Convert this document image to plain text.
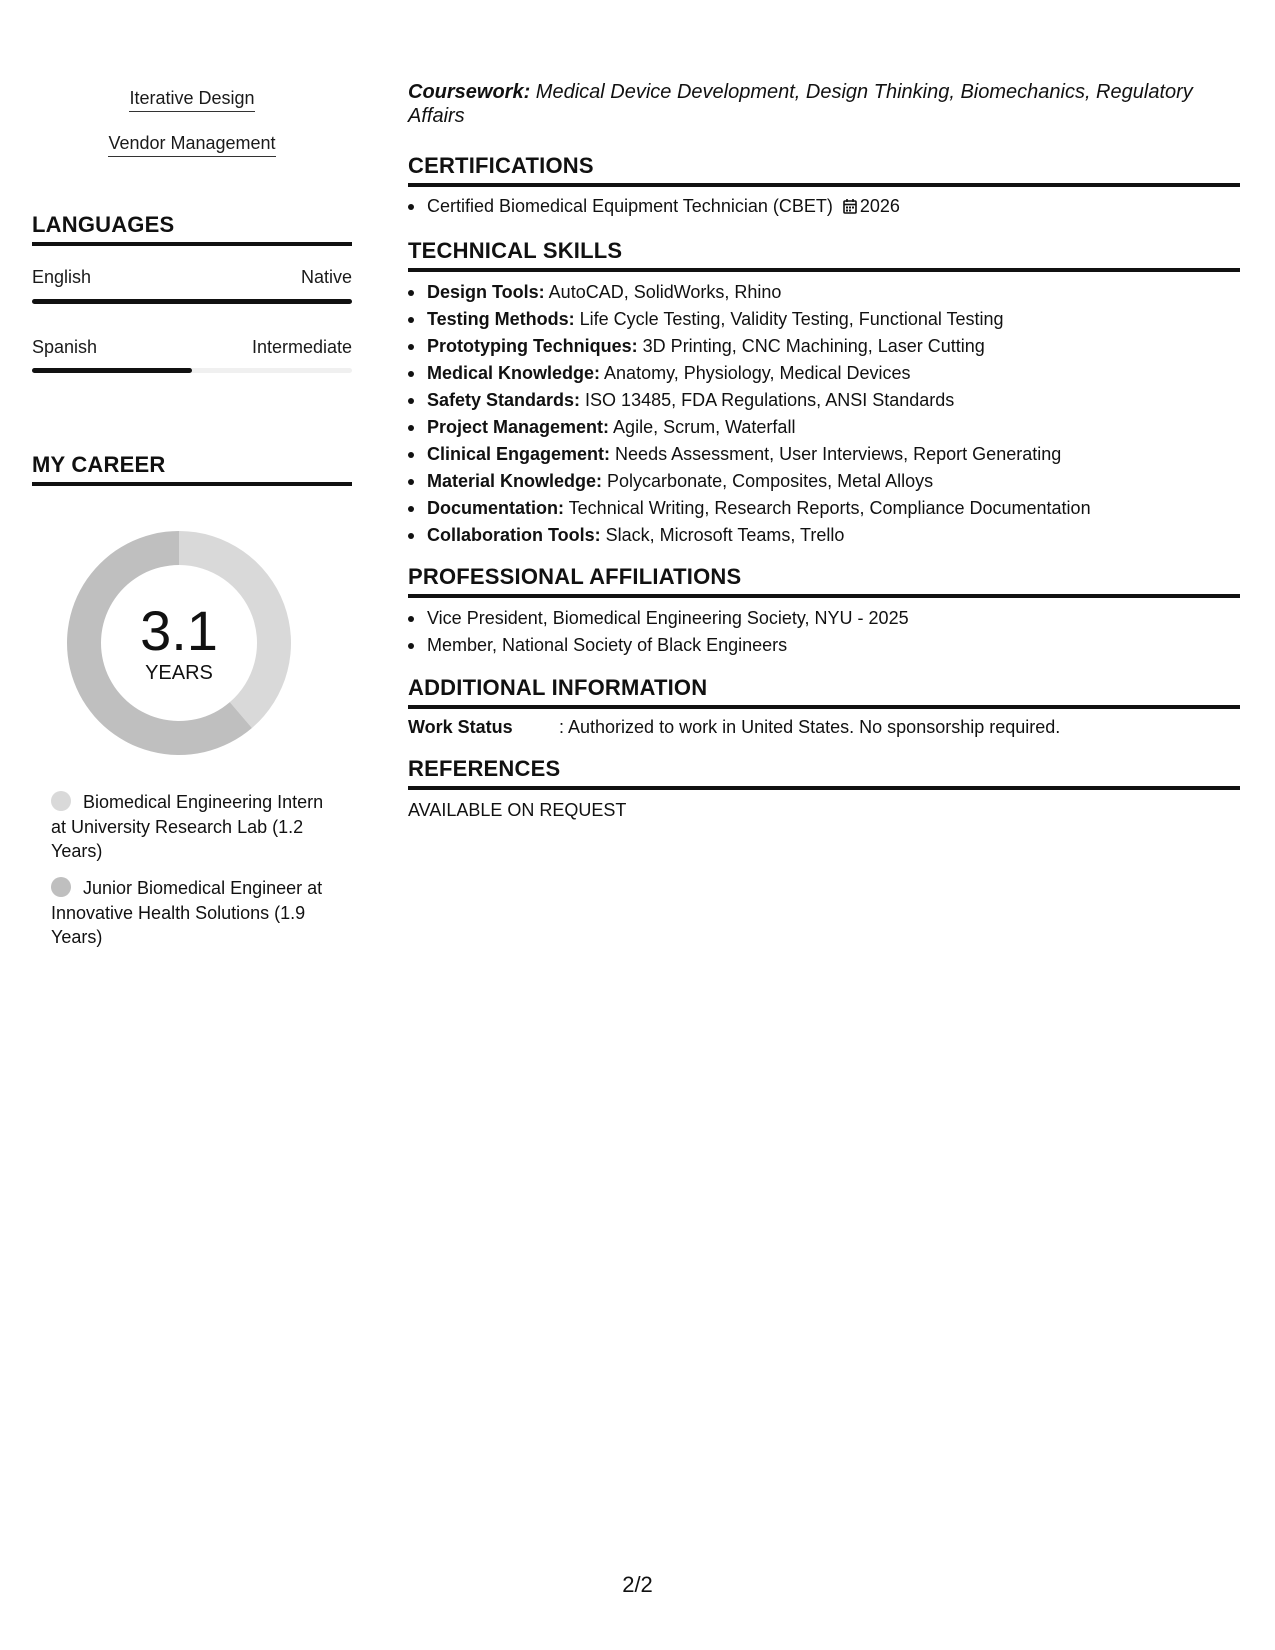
Iterative Design
Vendor Management
LANGUAGES
English	Native
Spanish	Intermediate
MY CAREER
3.1
YEARS
Biomedical Engineering Intern at University Research Lab (1.2 Years)
Junior Biomedical Engineer at Innovative Health Solutions (1.9 Years)
Coursework: Medical Device Development, Design Thinking, Biomechanics, Regulatory Affairs
CERTIFICATIONS
Certified Biomedical Equipment Technician (CBET) 2026
TECHNICAL SKILLS
Design Tools: AutoCAD, SolidWorks, Rhino
Testing Methods: Life Cycle Testing, Validity Testing, Functional Testing
Prototyping Techniques: 3D Printing, CNC Machining, Laser Cutting
Medical Knowledge: Anatomy, Physiology, Medical Devices
Safety Standards: ISO 13485, FDA Regulations, ANSI Standards
Project Management: Agile, Scrum, Waterfall
Clinical Engagement: Needs Assessment, User Interviews, Report Generating
Material Knowledge: Polycarbonate, Composites, Metal Alloys
Documentation: Technical Writing, Research Reports, Compliance Documentation
Collaboration Tools: Slack, Microsoft Teams, Trello
PROFESSIONAL AFFILIATIONS
Vice President, Biomedical Engineering Society, NYU - 2025
Member, National Society of Black Engineers
ADDITIONAL INFORMATION
Work Status	: Authorized to work in United States. No sponsorship required.
REFERENCES
AVAILABLE ON REQUEST
2/2
